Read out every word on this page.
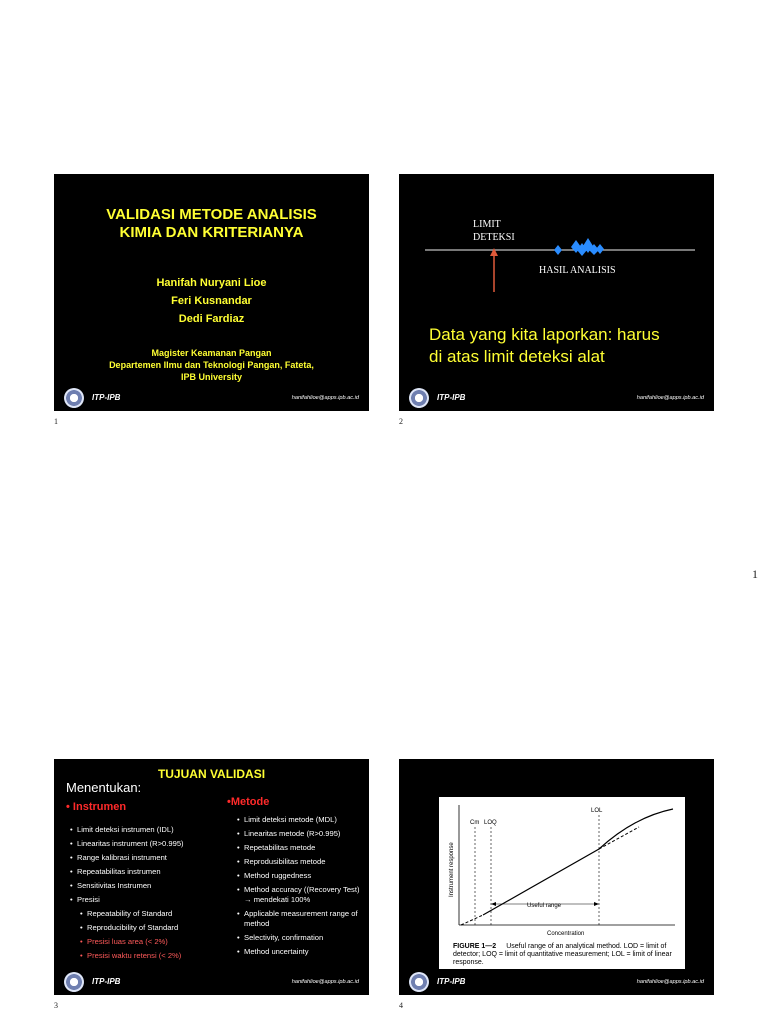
VALIDASI METODE ANALISIS
KIMIA DAN KRITERIANYA
Hanifah Nuryani Lioe
Feri Kusnandar
Dedi Fardiaz
Magister Keamanan Pangan
Departemen Ilmu dan Teknologi Pangan, Fateta,
IPB University
ITP-IPB	hanifahlioe@apps.ipb.ac.id
1
LIMIT
DETEKSI
HASIL ANALISIS
Data yang kita laporkan: harus
di atas limit deteksi alat
ITP-IPB	hanifahlioe@apps.ipb.ac.id
2
1
TUJUAN VALIDASI
Menentukan:
• Instrumen	•Metode
• Limit deteksi instrumen (IDL)
• Linearitas instrument (R>0.995)
• Range kalibrasi instrument
• Repeatabilitas instrumen
• Sensitivitas Instrumen
• Presisi
• Repeatability of Standard
• Reproducibility of Standard
• Presisi luas area (< 2%)
• Presisi waktu retensi (< 2%)
• Limit deteksi metode (MDL)
• Linearitas metode (R>0.995)
• Repetabilitas metode
• Reprodusibilitas metode
• Method ruggedness
• Method accuracy ((Recovery Test) → mendekati 100%
• Applicable measurement range of method
• Selectivity, confirmation
• Method uncertainty
ITP-IPB	hanifahlioe@apps.ipb.ac.id
3
LOL
Cm LOQ
Useful range
Concentration
Instrument response
FIGURE 1—2 Useful range of an analytical method. LOD = limit of detector; LOQ = limit of quantitative measurement; LOL = limit of linear response.
ITP-IPB	hanifahlioe@apps.ipb.ac.id
4
